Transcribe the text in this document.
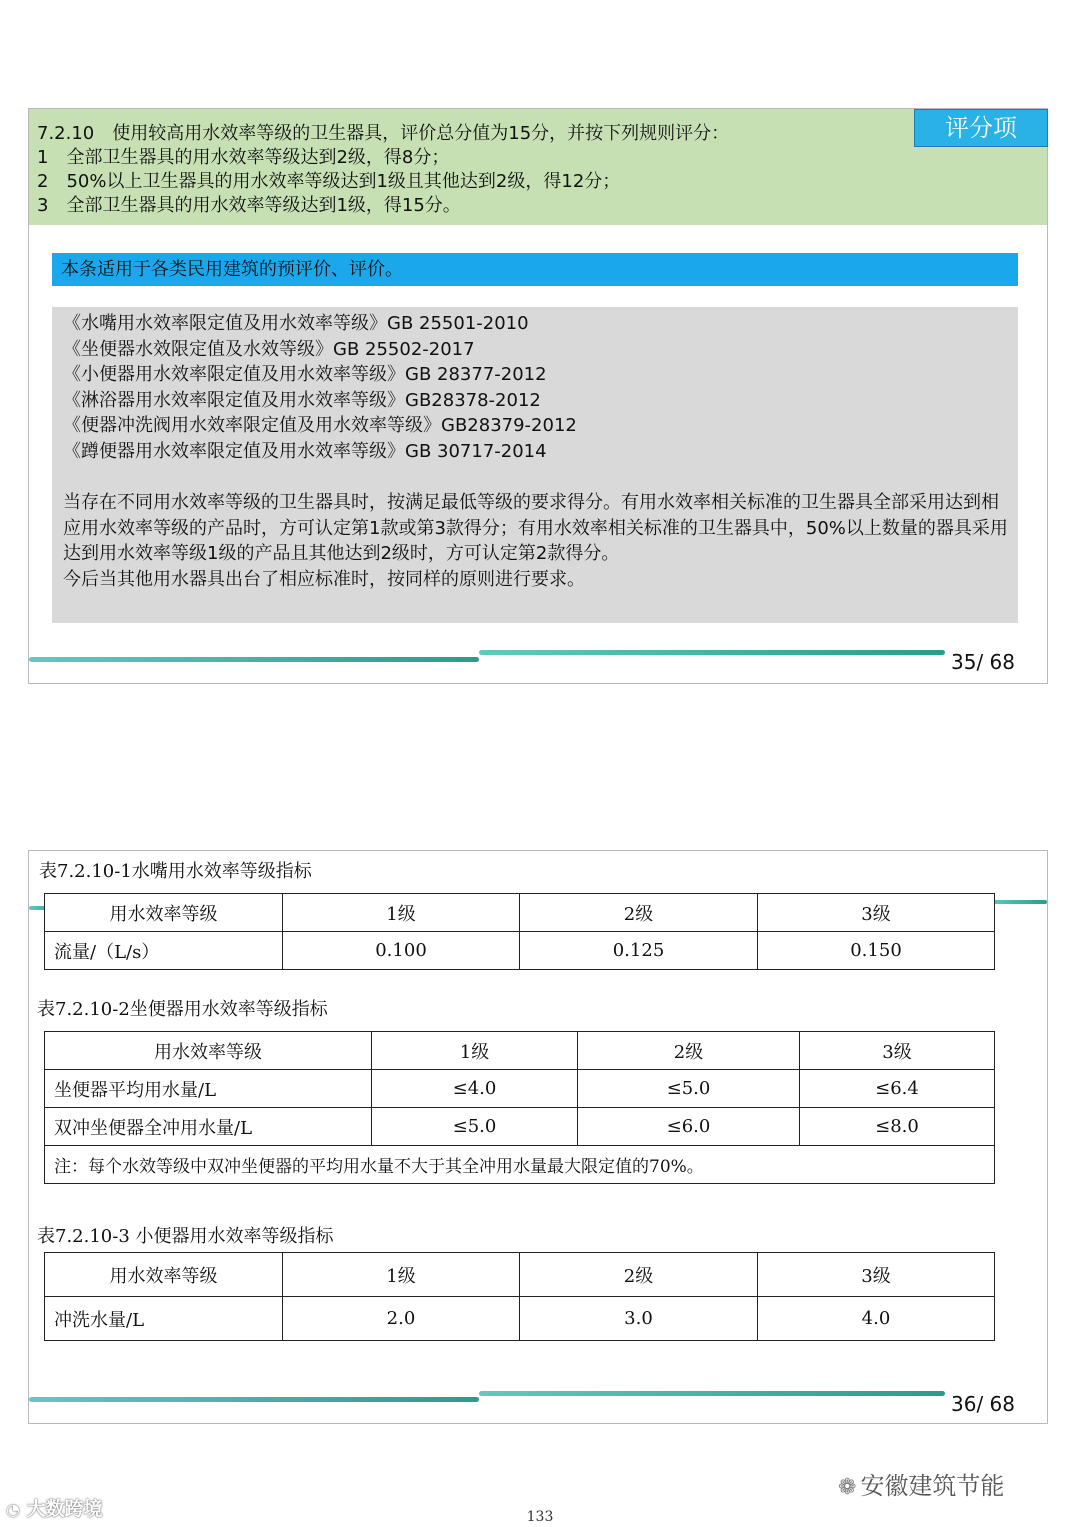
7.2.10　使用较高用水效率等级的卫生器具，评价总分值为15分，并按下列规则评分：
1　全部卫生器具的用水效率等级达到2级，得8分；
2　50%以上卫生器具的用水效率等级达到1级且其他达到2级，得12分；
3　全部卫生器具的用水效率等级达到1级，得15分。
评分项
本条适用于各类民用建筑的预评价、评价。
《水嘴用水效率限定值及用水效率等级》GB 25501-2010
《坐便器水效限定值及水效等级》GB 25502-2017
《小便器用水效率限定值及用水效率等级》GB 28377-2012
《淋浴器用水效率限定值及用水效率等级》GB28378-2012
《便器冲洗阀用水效率限定值及用水效率等级》GB28379-2012
《蹲便器用水效率限定值及用水效率等级》GB 30717-2014
当存在不同用水效率等级的卫生器具时，按满足最低等级的要求得分。有用水效率相关标准的卫生器具全部采用达到相应用水效率等级的产品时，方可认定第1款或第3款得分；有用水效率相关标准的卫生器具中，50%以上数量的器具采用达到用水效率等级1级的产品且其他达到2级时，方可认定第2款得分。
今后当其他用水器具出台了相应标准时，按同样的原则进行要求。
35/ 68
表7.2.10-1水嘴用水效率等级指标
用水效率等级	1级	2级	3级
流量/（L/s）	0.100	0.125	0.150
表7.2.10-2坐便器用水效率等级指标
用水效率等级	1级	2级	3级
坐便器平均用水量/L	≤4.0	≤5.0	≤6.4
双冲坐便器全冲用水量/L	≤5.0	≤6.0	≤8.0
注：每个水效等级中双冲坐便器的平均用水量不大于其全冲用水量最大限定值的70%。			
表7.2.10-3 小便器用水效率等级指标
用水效率等级	1级	2级	3级
冲洗水量/L	2.0	3.0	4.0
36/ 68
❁ 安徽建筑节能
◔ 大数跨境	133
